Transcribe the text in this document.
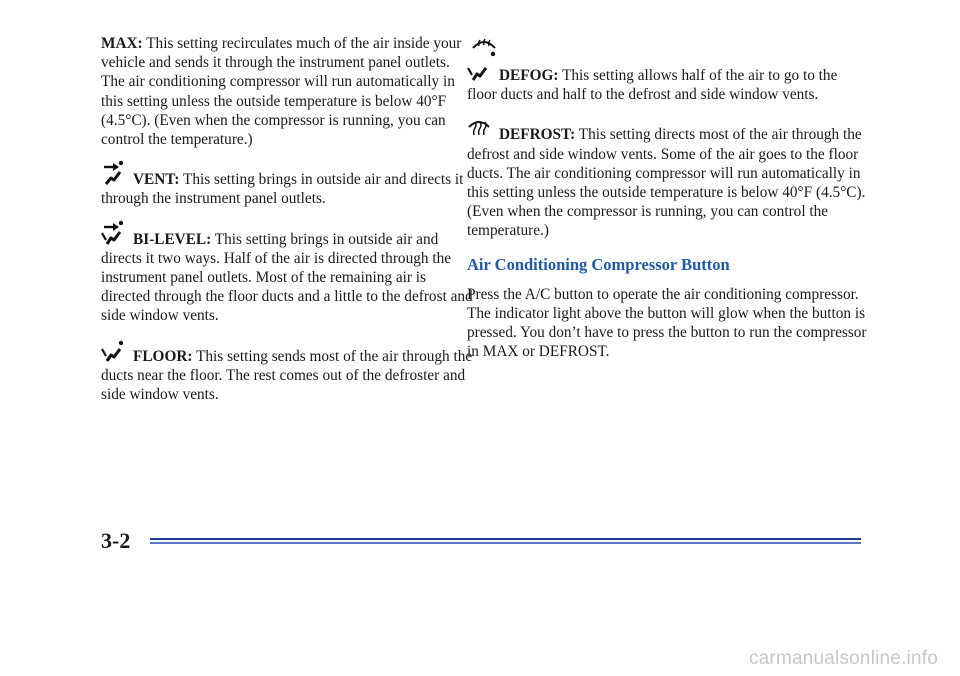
MAX: This setting recirculates much of the air inside your vehicle and sends it through the instrument panel outlets. The air conditioning compressor will run automatically in this setting unless the outside temperature is below 40°F (4.5°C). (Even when the compressor is running, you can control the temperature.)

VENT: This setting brings in outside air and directs it through the instrument panel outlets.

BI-LEVEL: This setting brings in outside air and directs it two ways. Half of the air is directed through the instrument panel outlets. Most of the remaining air is directed through the floor ducts and a little to the defrost and side window vents.

FLOOR: This setting sends most of the air through the ducts near the floor. The rest comes out of the defroster and side window vents.

DEFOG: This setting allows half of the air to go to the floor ducts and half to the defrost and side window vents.

DEFROST: This setting directs most of the air through the defrost and side window vents. Some of the air goes to the floor ducts. The air conditioning compressor will run automatically in this setting unless the outside temperature is below 40°F (4.5°C). (Even when the compressor is running, you can control the temperature.)

Air Conditioning Compressor Button

Press the A/C button to operate the air conditioning compressor. The indicator light above the button will glow when the button is pressed. You don’t have to press the button to run the compressor in MAX or DEFROST.

3-2
carmanualsonline.info
